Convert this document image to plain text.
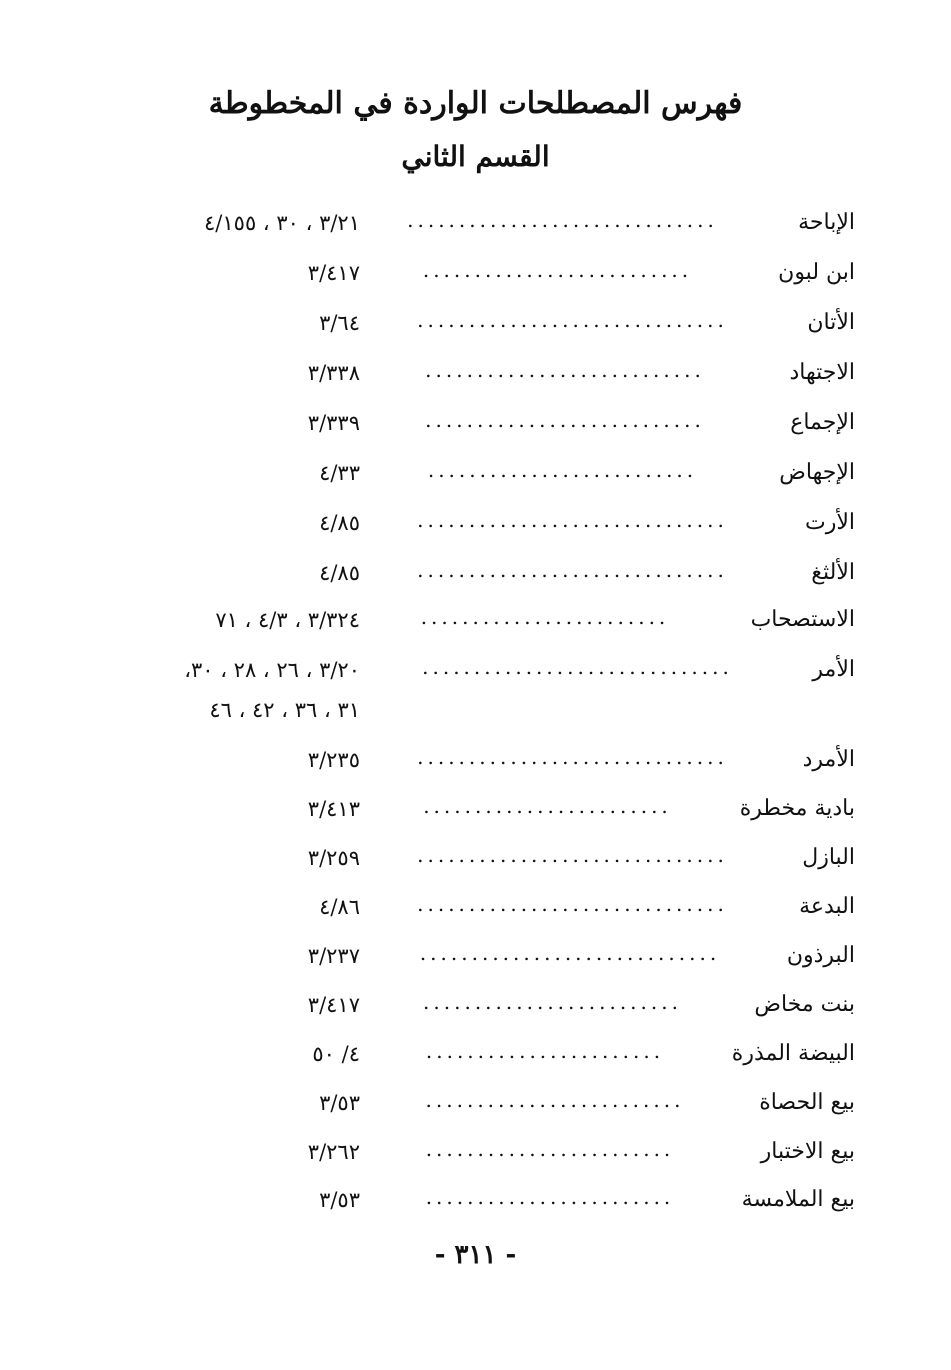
فهرس المصطلحات الواردة في المخطوطة
القسم الثاني
الإباحة
..............................
٣/٢١ ، ٣٠ ، ٤/١٥٥
ابن لبون
..........................
٣/٤١٧
الأتان
..............................
٣/٦٤
الاجتهاد
...........................
٣/٣٣٨
الإجماع
...........................
٣/٣٣٩
الإجهاض
..........................
٤/٣٣
الأرت
..............................
٤/٨٥
الألثغ
..............................
٤/٨٥
الاستصحاب
........................
٣/٣٢٤ ، ٤/٣ ، ٧١
الأمر
..............................
٣/٢٠ ، ٢٦ ، ٢٨ ، ٣٠،
٣١ ، ٣٦ ، ٤٢ ، ٤٦
الأمرد
..............................
٣/٢٣٥
بادية مخطرة
........................
٣/٤١٣
البازل
..............................
٣/٢٥٩
البدعة
..............................
٤/٨٦
البرذون
.............................
٣/٢٣٧
بنت مخاض
.........................
٣/٤١٧
البيضة المذرة
.......................
٤/ ٥٠
بيع الحصاة
.........................
٣/٥٣
بيع الاختبار
........................
٣/٢٦٢
بيع الملامسة
........................
٣/٥٣
- ٣١١ -
